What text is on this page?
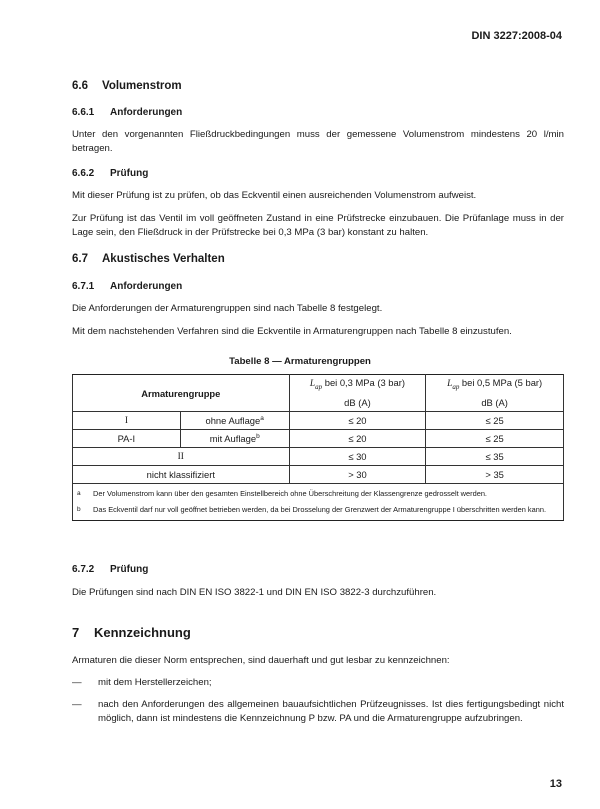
DIN 3227:2008-04
6.6 Volumenstrom
6.6.1 Anforderungen
Unter den vorgenannten Fließdruckbedingungen muss der gemessene Volumenstrom mindestens 20 l/min betragen.
6.6.2 Prüfung
Mit dieser Prüfung ist zu prüfen, ob das Eckventil einen ausreichenden Volumenstrom aufweist.
Zur Prüfung ist das Ventil im voll geöffneten Zustand in eine Prüfstrecke einzubauen. Die Prüfanlage muss in der Lage sein, den Fließdruck in der Prüfstrecke bei 0,3 MPa (3 bar) konstant zu halten.
6.7 Akustisches Verhalten
6.7.1 Anforderungen
Die Anforderungen der Armaturengruppen sind nach Tabelle 8 festgelegt.
Mit dem nachstehenden Verfahren sind die Eckventile in Armaturengruppen nach Tabelle 8 einzustufen.
Tabelle 8 — Armaturengruppen
Armaturengruppe		$L_{ap}$ bei 0,3 MPa (3 bar)	$L_{ap}$ bei 0,5 MPa (5 bar)
		dB (A)	dB (A)
I	ohne Auflage$^a$	≤ 20	≤ 25
PA-I	mit Auflage$^b$	≤ 20	≤ 25
II		≤ 30	≤ 35
nicht klassifiziert		> 30	> 35

a Der Volumenstrom kann über den gesamten Einstellbereich ohne Überschreitung der Klassengrenze gedrosselt werden.
b Das Eckventil darf nur voll geöffnet betrieben werden, da bei Drosselung der Grenzwert der Armaturengruppe I überschritten werden kann.			
6.7.2 Prüfung
Die Prüfungen sind nach DIN EN ISO 3822-1 und DIN EN ISO 3822-3 durchzuführen.
7 Kennzeichnung
Armaturen die dieser Norm entsprechen, sind dauerhaft und gut lesbar zu kennzeichnen:
—	mit dem Herstellerzeichen;
—	nach den Anforderungen des allgemeinen bauaufsichtlichen Prüfzeugnisses. Ist dies fertigungsbedingt nicht möglich, dann ist mindestens die Kennzeichnung P bzw. PA und die Armaturengruppe aufzubringen.
13
